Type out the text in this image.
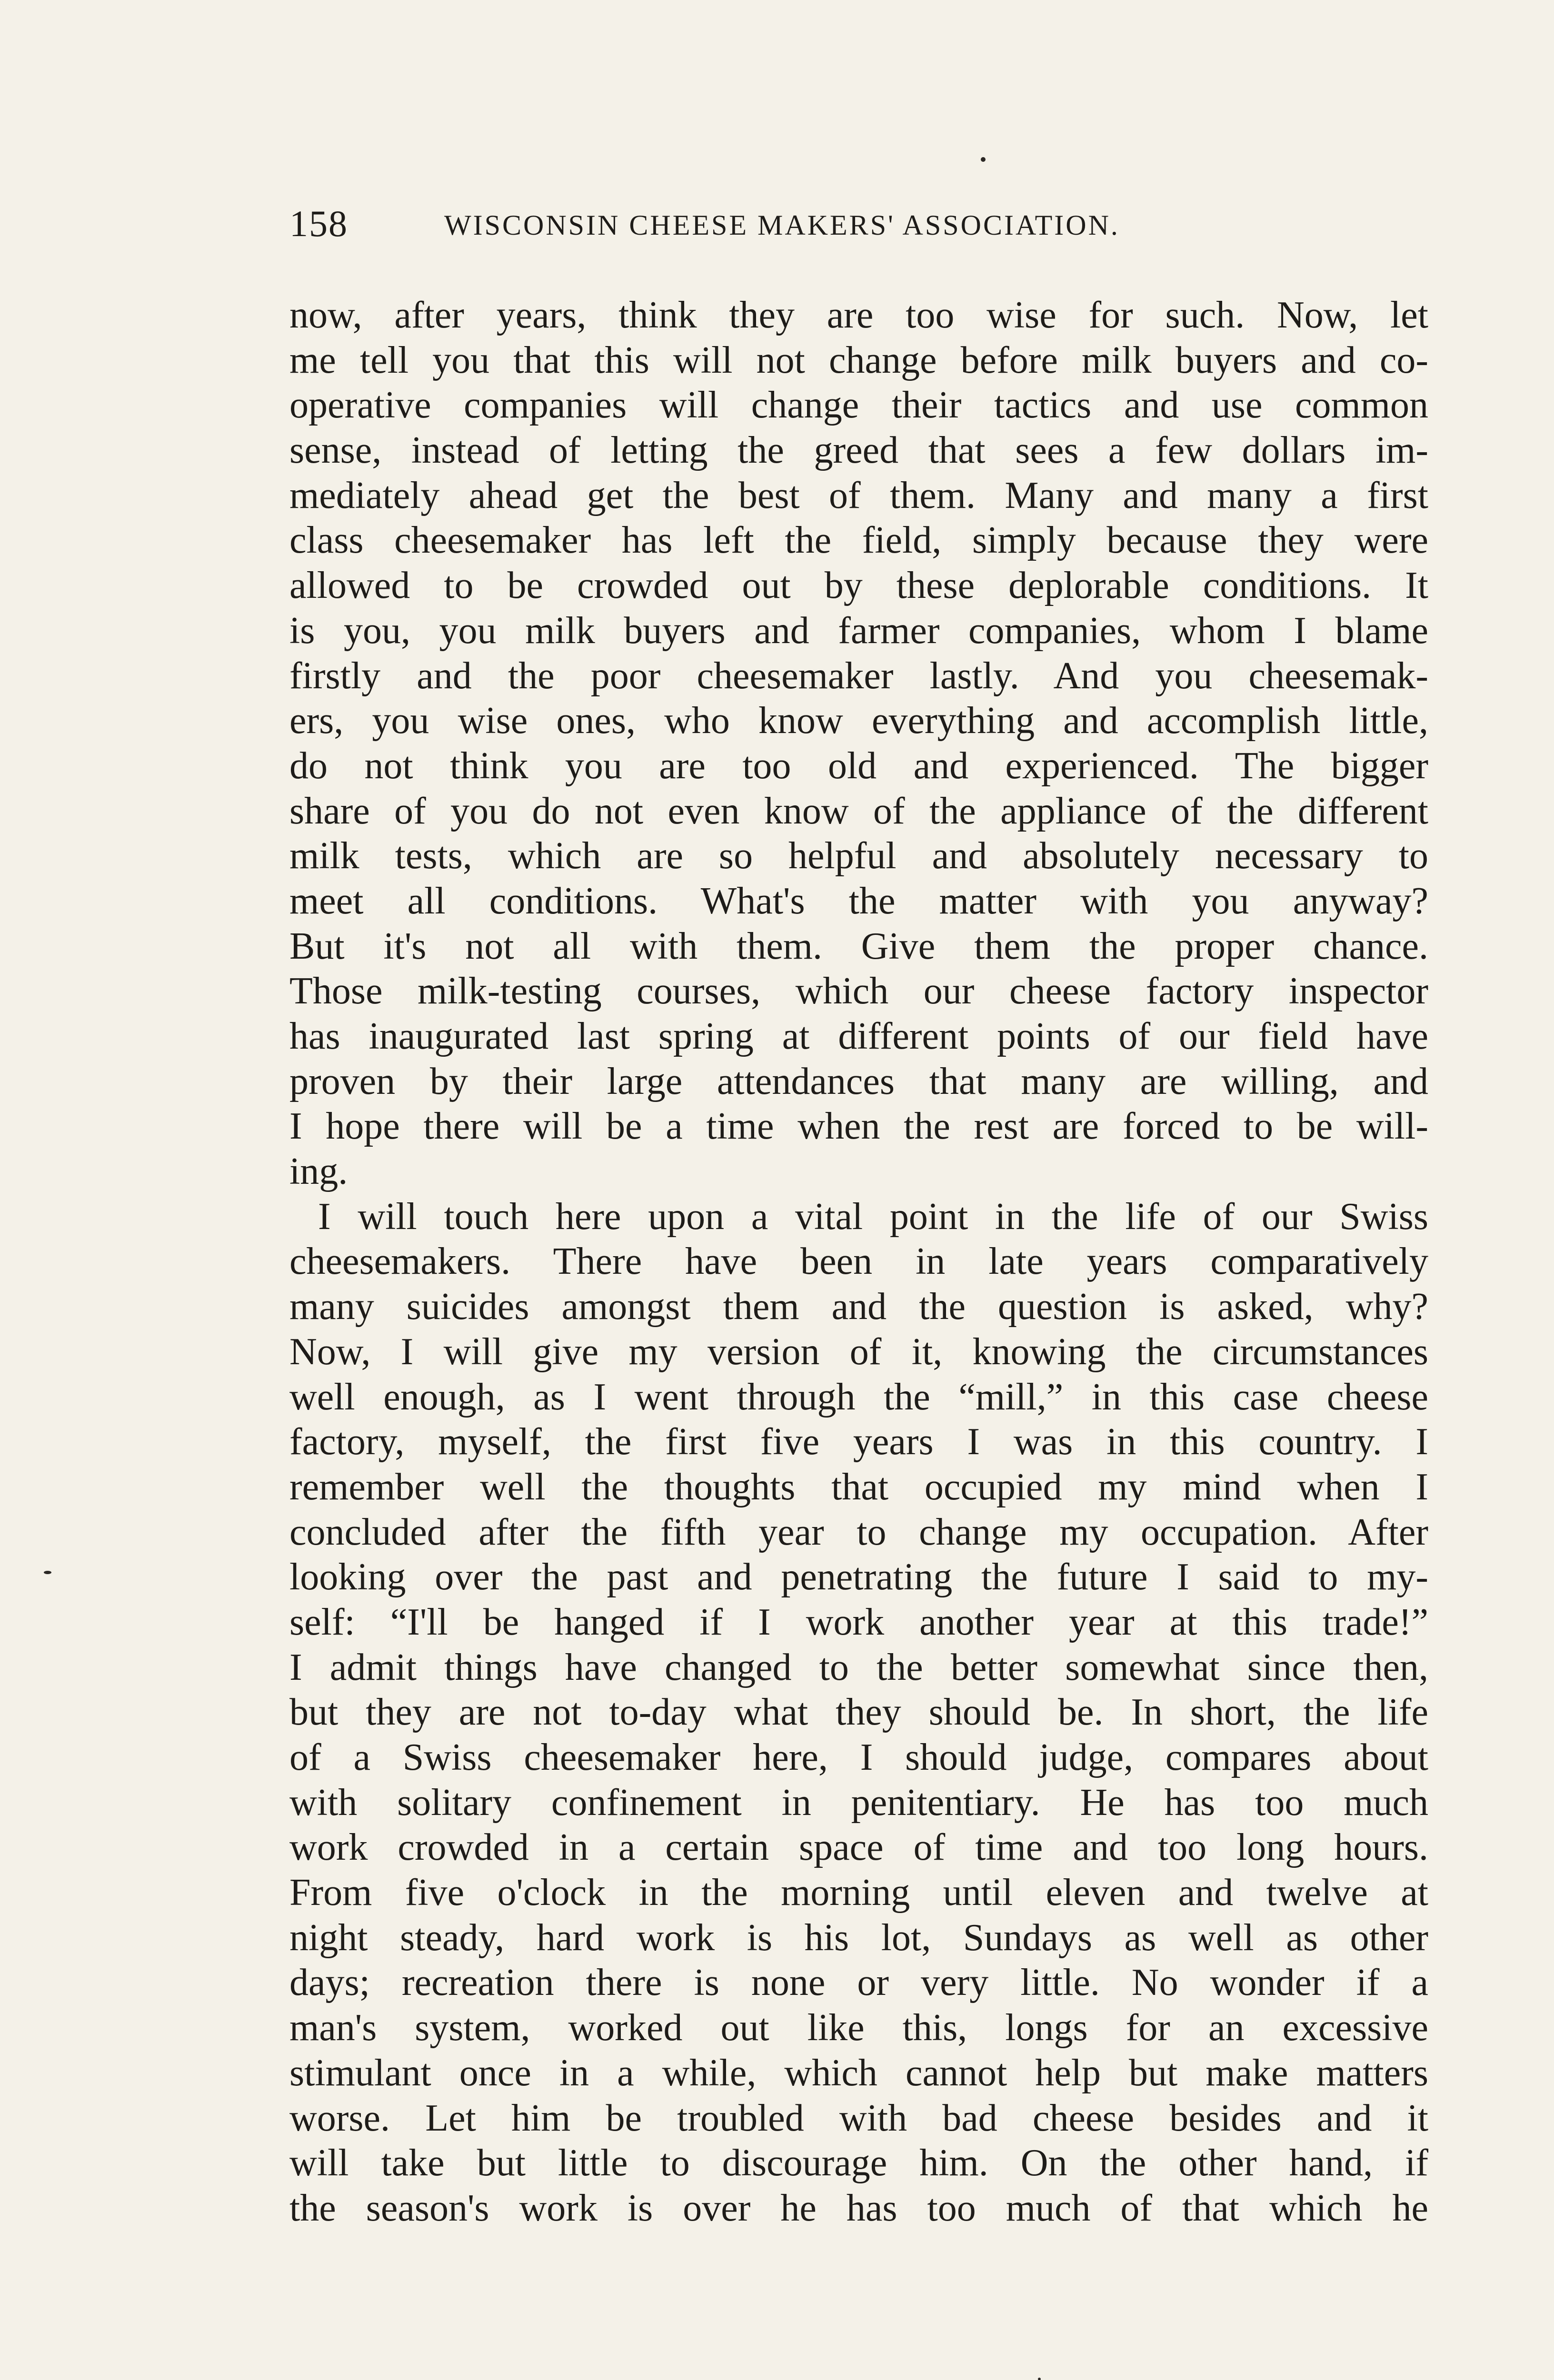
158	WISCONSIN CHEESE MAKERS' ASSOCIATION.
now, after years, think they are too wise for such. Now, let
me tell you that this will not change before milk buyers and co-
operative companies will change their tactics and use common
sense, instead of letting the greed that sees a few dollars im-
mediately ahead get the best of them. Many and many a first
class cheesemaker has left the field, simply because they were
allowed to be crowded out by these deplorable conditions. It
is you, you milk buyers and farmer companies, whom I blame
firstly and the poor cheesemaker lastly. And you cheesemak-
ers, you wise ones, who know everything and accomplish little,
do not think you are too old and experienced. The bigger
share of you do not even know of the appliance of the different
milk tests, which are so helpful and absolutely necessary to
meet all conditions. What's the matter with you anyway?
But it's not all with them. Give them the proper chance.
Those milk-testing courses, which our cheese factory inspector
has inaugurated last spring at different points of our field have
proven by their large attendances that many are willing, and
I hope there will be a time when the rest are forced to be will-
ing.
I will touch here upon a vital point in the life of our Swiss
cheesemakers. There have been in late years comparatively
many suicides amongst them and the question is asked, why?
Now, I will give my version of it, knowing the circumstances
well enough, as I went through the “mill,” in this case cheese
factory, myself, the first five years I was in this country. I
remember well the thoughts that occupied my mind when I
concluded after the fifth year to change my occupation. After
looking over the past and penetrating the future I said to my-
self: “I'll be hanged if I work another year at this trade!”
I admit things have changed to the better somewhat since then,
but they are not to-day what they should be. In short, the life
of a Swiss cheesemaker here, I should judge, compares about
with solitary confinement in penitentiary. He has too much
work crowded in a certain space of time and too long hours.
From five o'clock in the morning until eleven and twelve at
night steady, hard work is his lot, Sundays as well as other
days; recreation there is none or very little. No wonder if a
man's system, worked out like this, longs for an excessive
stimulant once in a while, which cannot help but make matters
worse. Let him be troubled with bad cheese besides and it
will take but little to discourage him. On the other hand, if
the season's work is over he has too much of that which he
